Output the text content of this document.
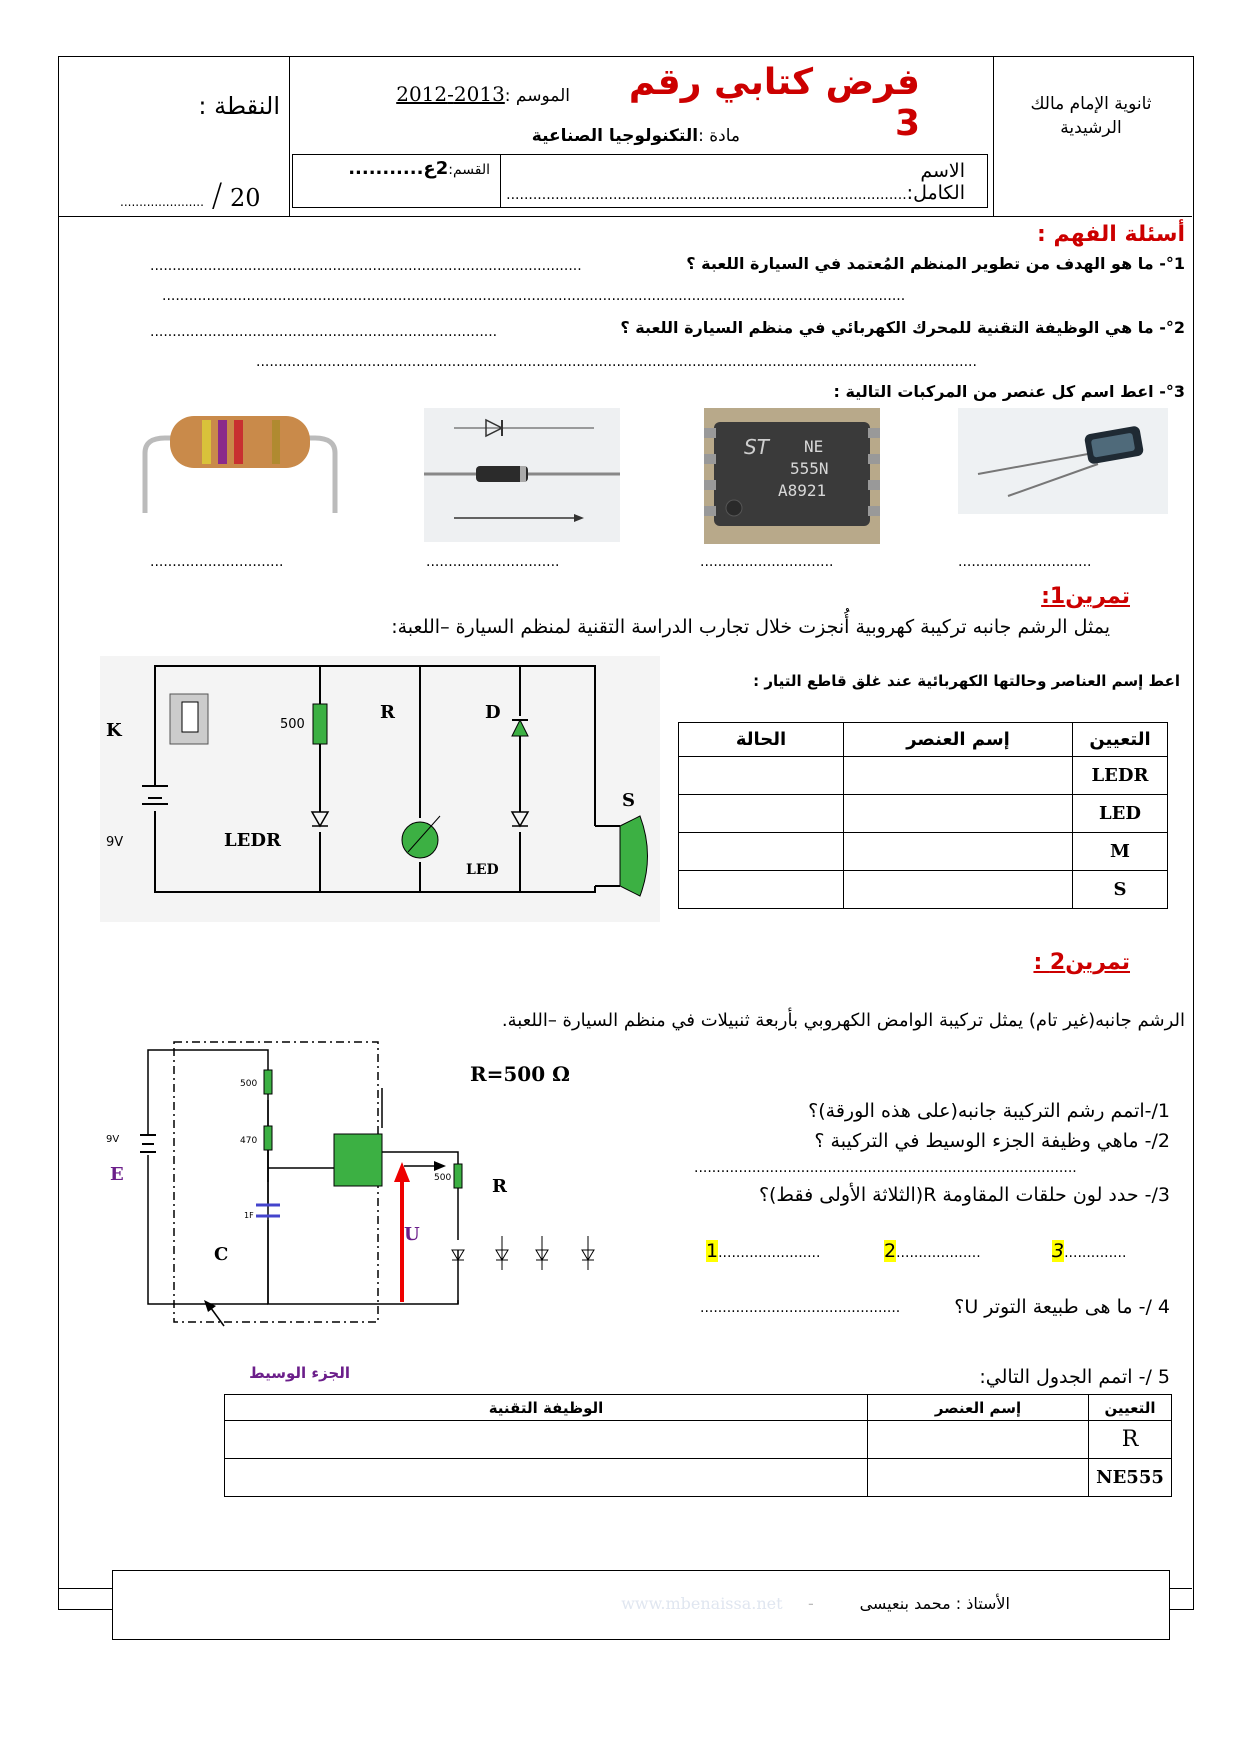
ثانوية الإمام مالك
الرشيدية
فرض كتابي رقم 3
الموسم :2013-2012
مادة :التكنولوجيا الصناعية
الاسم الكامل:..........................................................................................
القسم:2ع...........
النقطة :
...................... / 20
أسئلة الفهم :
°1- ما هو الهدف من تطوير المنظم المُعتمد في السيارة اللعبة ؟
.................................................................................................
.......................................................................................................................................................................
°2- ما هي الوظيفة التقنية للمحرك الكهربائي في منظم السيارة اللعبة ؟
..............................................................................
..................................................................................................................................................................
°3- اعط اسم كل عنصر من المركبات التالية :
ST NE
555N
A8921
..............................	..............................	..............................	..............................
تمرين1:
يمثل الرشم جانبه تركيبة كهروبية أُنجزت خلال تجارب الدراسة التقنية لمنظم السيارة –اللعبة:
K
R
500
D
LEDR
LED
S
9V
اعط إسم العناصر وحالتها الكهربائية عند غلق قاطع التيار :
التعيين	إسم العنصر	الحالة
LEDR		
LED		
M		
S		
تمرين2 :
الرشم جانبه(غير تام) يمثل تركيبة الوامض الكهروبي بأربعة ثنبيلات في منظم السيارة –اللعبة.
9V
E
C
U
R
500
470
500
1F
R=500 Ω
1/-اتمم رشم التركيبة جانبه(على هذه الورقة)؟
2/- ماهي وظيفة الجزء الوسيط في التركيبة ؟
......................................................................................
3/- حدد لون حلقات المقاومة R(الثلاثة الأولى فقط)؟
1.......................	2...................	3..............
4 /- ما هى طبيعة التوتر U؟
.............................................
الجزء الوسيط	5 /- اتمم الجدول التالي:
التعيين	إسم العنصر	الوظيفة التقنية
R		
NE555		
الأستاذ : محمد بنعيسى         -     www.mbenaissa.net
